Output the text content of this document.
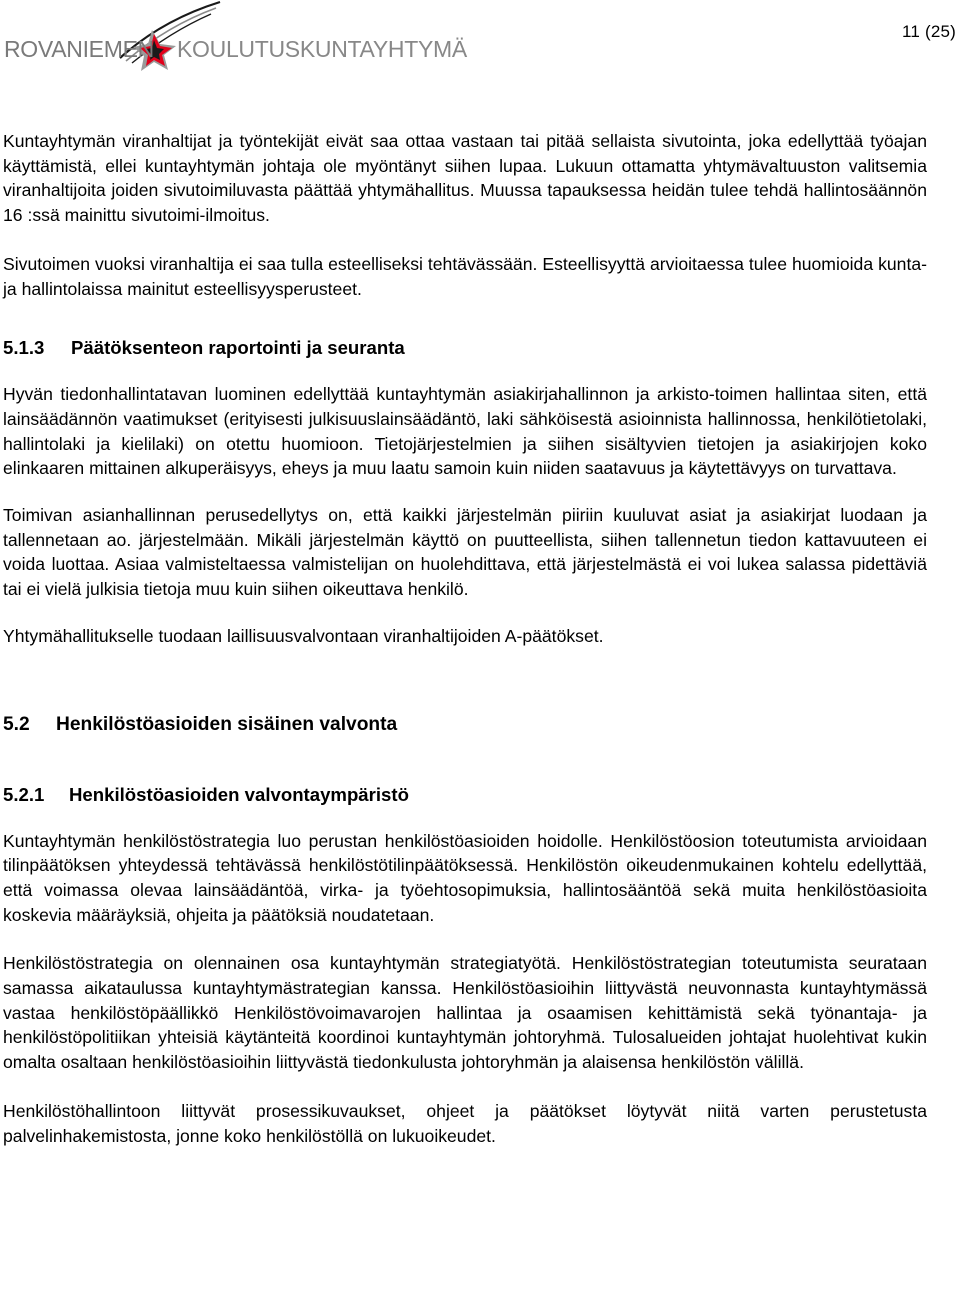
ROVANIEMEN KOULUTUSKUNTAYHTYMÄ
11 (25)

Kuntayhtymän viranhaltijat ja työntekijät eivät saa ottaa vastaan tai pitää sellaista sivutointa, joka edellyttää työajan käyttämistä, ellei kuntayhtymän johtaja ole myöntänyt siihen lupaa. Lukuun ottamatta yhtymävaltuuston valitsemia viranhaltijoita joiden sivutoimiluvasta päättää yhtymähallitus. Muussa tapauksessa heidän tulee tehdä hallintosäännön 16 :ssä mainittu sivutoimi-ilmoitus.

Sivutoimen vuoksi viranhaltija ei saa tulla esteelliseksi tehtävässään. Esteellisyyttä arvioitaessa tulee huomioida kunta- ja hallintolaissa mainitut esteellisyysperusteet.

5.1.3 Päätöksenteon raportointi ja seuranta

Hyvän tiedonhallintatavan luominen edellyttää kuntayhtymän asiakirjahallinnon ja arkisto-toimen hallintaa siten, että lainsäädännön vaatimukset (erityisesti julkisuuslainsäädäntö, laki sähköisestä asioinnista hallinnossa, henkilötietolaki, hallintolaki ja kielilaki) on otettu huomioon. Tietojärjestelmien ja siihen sisältyvien tietojen ja asiakirjojen koko elinkaaren mittainen alkuperäisyys, eheys ja muu laatu samoin kuin niiden saatavuus ja käytettävyys on turvattava.

Toimivan asianhallinnan perusedellytys on, että kaikki järjestelmän piiriin kuuluvat asiat ja asiakirjat luodaan ja tallennetaan ao. järjestelmään. Mikäli järjestelmän käyttö on puutteellista, siihen tallennetun tiedon kattavuuteen ei voida luottaa. Asiaa valmisteltaessa valmistelijan on huolehdittava, että järjestelmästä ei voi lukea salassa pidettäviä tai ei vielä julkisia tietoja muu kuin siihen oikeuttava henkilö.

Yhtymähallitukselle tuodaan laillisuusvalvontaan viranhaltijoiden A-päätökset.

5.2 Henkilöstöasioiden sisäinen valvonta
5.2.1 Henkilöstöasioiden valvontaympäristö

Kuntayhtymän henkilöstöstrategia luo perustan henkilöstöasioiden hoidolle. Henkilöstöosion toteutumista arvioidaan tilinpäätöksen yhteydessä tehtävässä henkilöstötilinpäätöksessä. Henkilöstön oikeudenmukainen kohtelu edellyttää, että voimassa olevaa lainsäädäntöä, virka- ja työehtosopimuksia, hallintosääntöä sekä muita henkilöstöasioita koskevia määräyksiä, ohjeita ja päätöksiä noudatetaan.

Henkilöstöstrategia on olennainen osa kuntayhtymän strategiatyötä. Henkilöstöstrategian toteutumista seurataan samassa aikataulussa kuntayhtymästrategian kanssa. Henkilöstöasioihin liittyvästä neuvonnasta kuntayhtymässä vastaa henkilöstöpäällikkö Henkilöstövoimavarojen hallintaa ja osaamisen kehittämistä sekä työnantaja- ja henkilöstöpolitiikan yhteisiä käytänteitä koordinoi kuntayhtymän johtoryhmä. Tulosalueiden johtajat huolehtivat kukin omalta osaltaan henkilöstöasioihin liittyvästä tiedonkulusta johtoryhmän ja alaisensa henkilöstön välillä.

Henkilöstöhallintoon liittyvät prosessikuvaukset, ohjeet ja päätökset löytyvät niitä varten perustetusta palvelinhakemistosta, jonne koko henkilöstöllä on lukuoikeudet.
